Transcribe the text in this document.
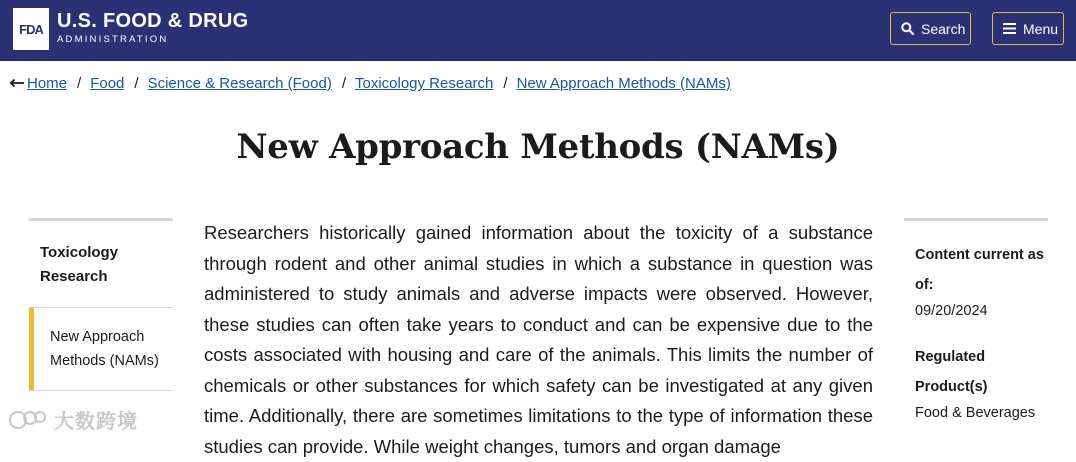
FDA U.S. FOOD & DRUG
ADMINISTRATION
Search	Menu
Home / Food / Science & Research (Food) / Toxicology Research / New Approach Methods (NAMs)
New Approach Methods (NAMs)
Toxicology Research
New Approach Methods (NAMs)

Researchers historically gained information about the toxicity of a substance through rodent and other animal studies in which a substance in question was administered to study animals and adverse impacts were observed. However, these studies can often take years to conduct and can be expensive due to the costs associated with housing and care of the animals. This limits the number of chemicals or other substances for which safety can be investigated at any given time. Additionally, there are sometimes limitations to the type of information these studies can provide. While weight changes, tumors and organ damage

Content current as of:
09/20/2024
Regulated Product(s)
Food & Beverages
大数跨境
